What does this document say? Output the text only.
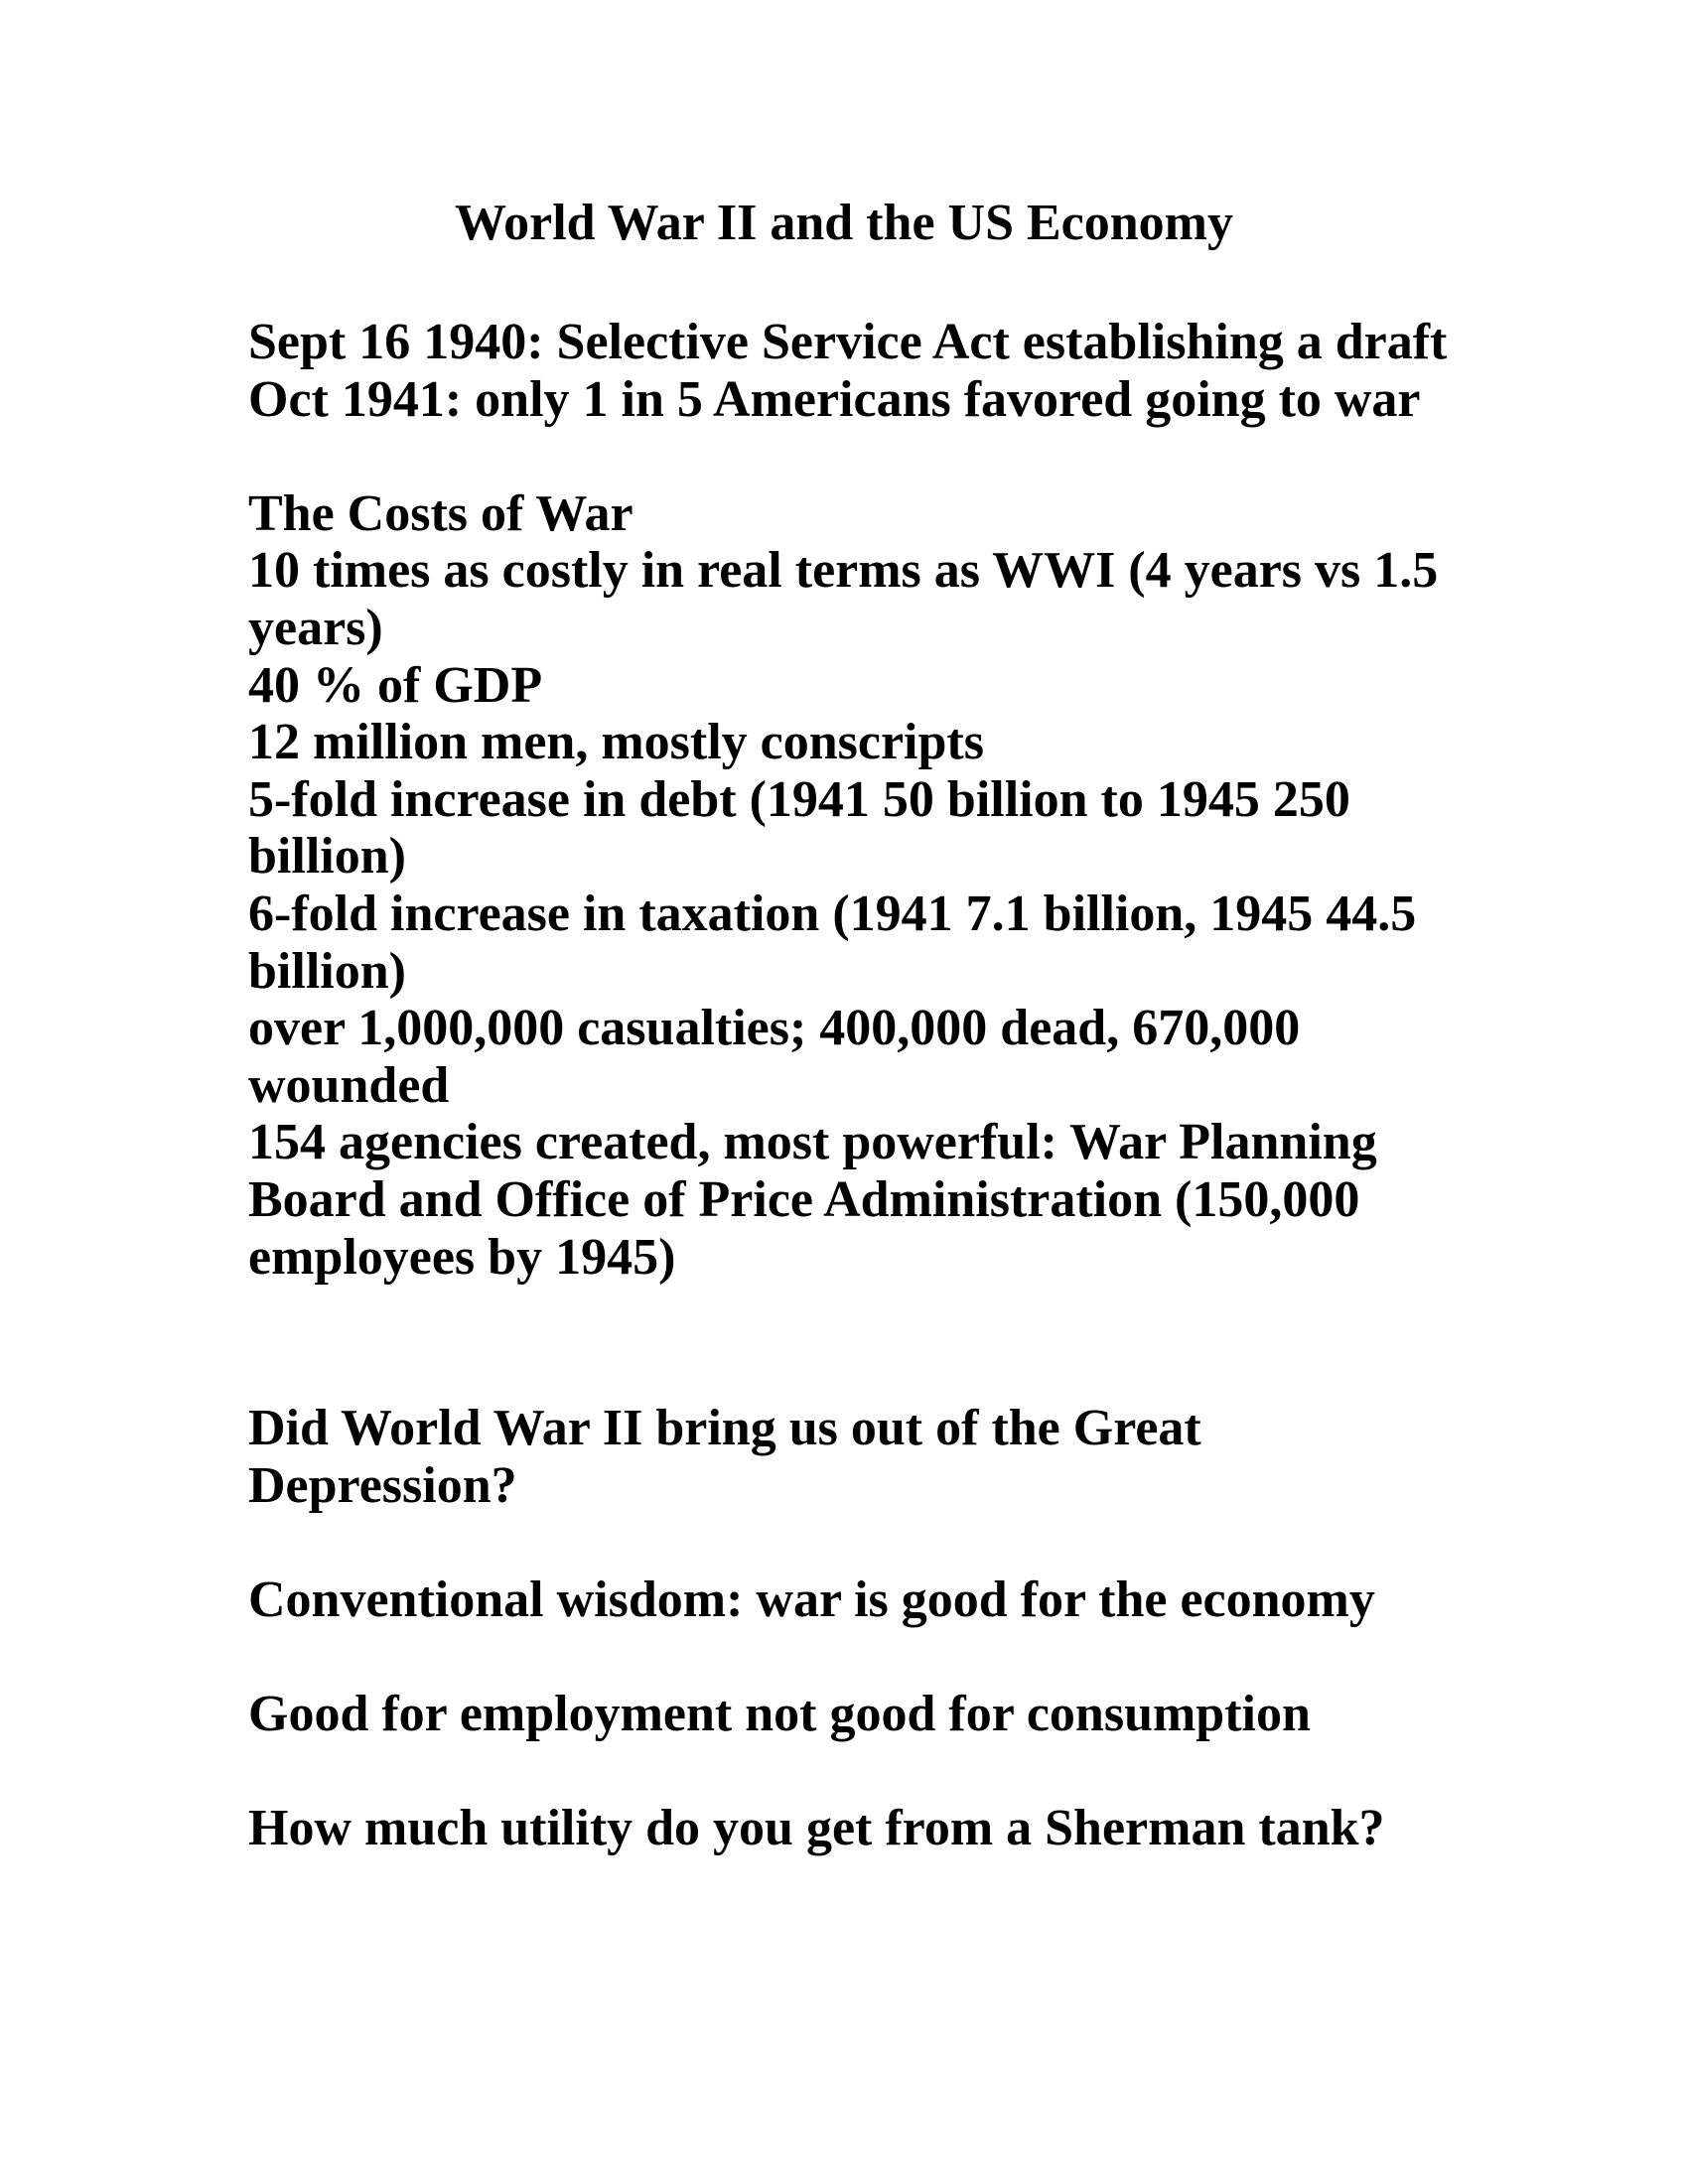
World War II and the US Economy
Sept 16 1940: Selective Service Act establishing a draft
Oct 1941: only 1 in 5 Americans favored going to war
The Costs of War
10 times as costly in real terms as WWI (4 years vs 1.5
years)
40 % of GDP
12 million men, mostly conscripts
5-fold increase in debt (1941 50 billion to 1945 250
billion)
6-fold increase in taxation (1941 7.1 billion, 1945 44.5
billion)
over 1,000,000 casualties; 400,000 dead, 670,000
wounded
154 agencies created, most powerful: War Planning
Board and Office of Price Administration (150,000
employees by 1945)
Did World War II bring us out of the Great
Depression?
Conventional wisdom: war is good for the economy
Good for employment not good for consumption
How much utility do you get from a Sherman tank?
